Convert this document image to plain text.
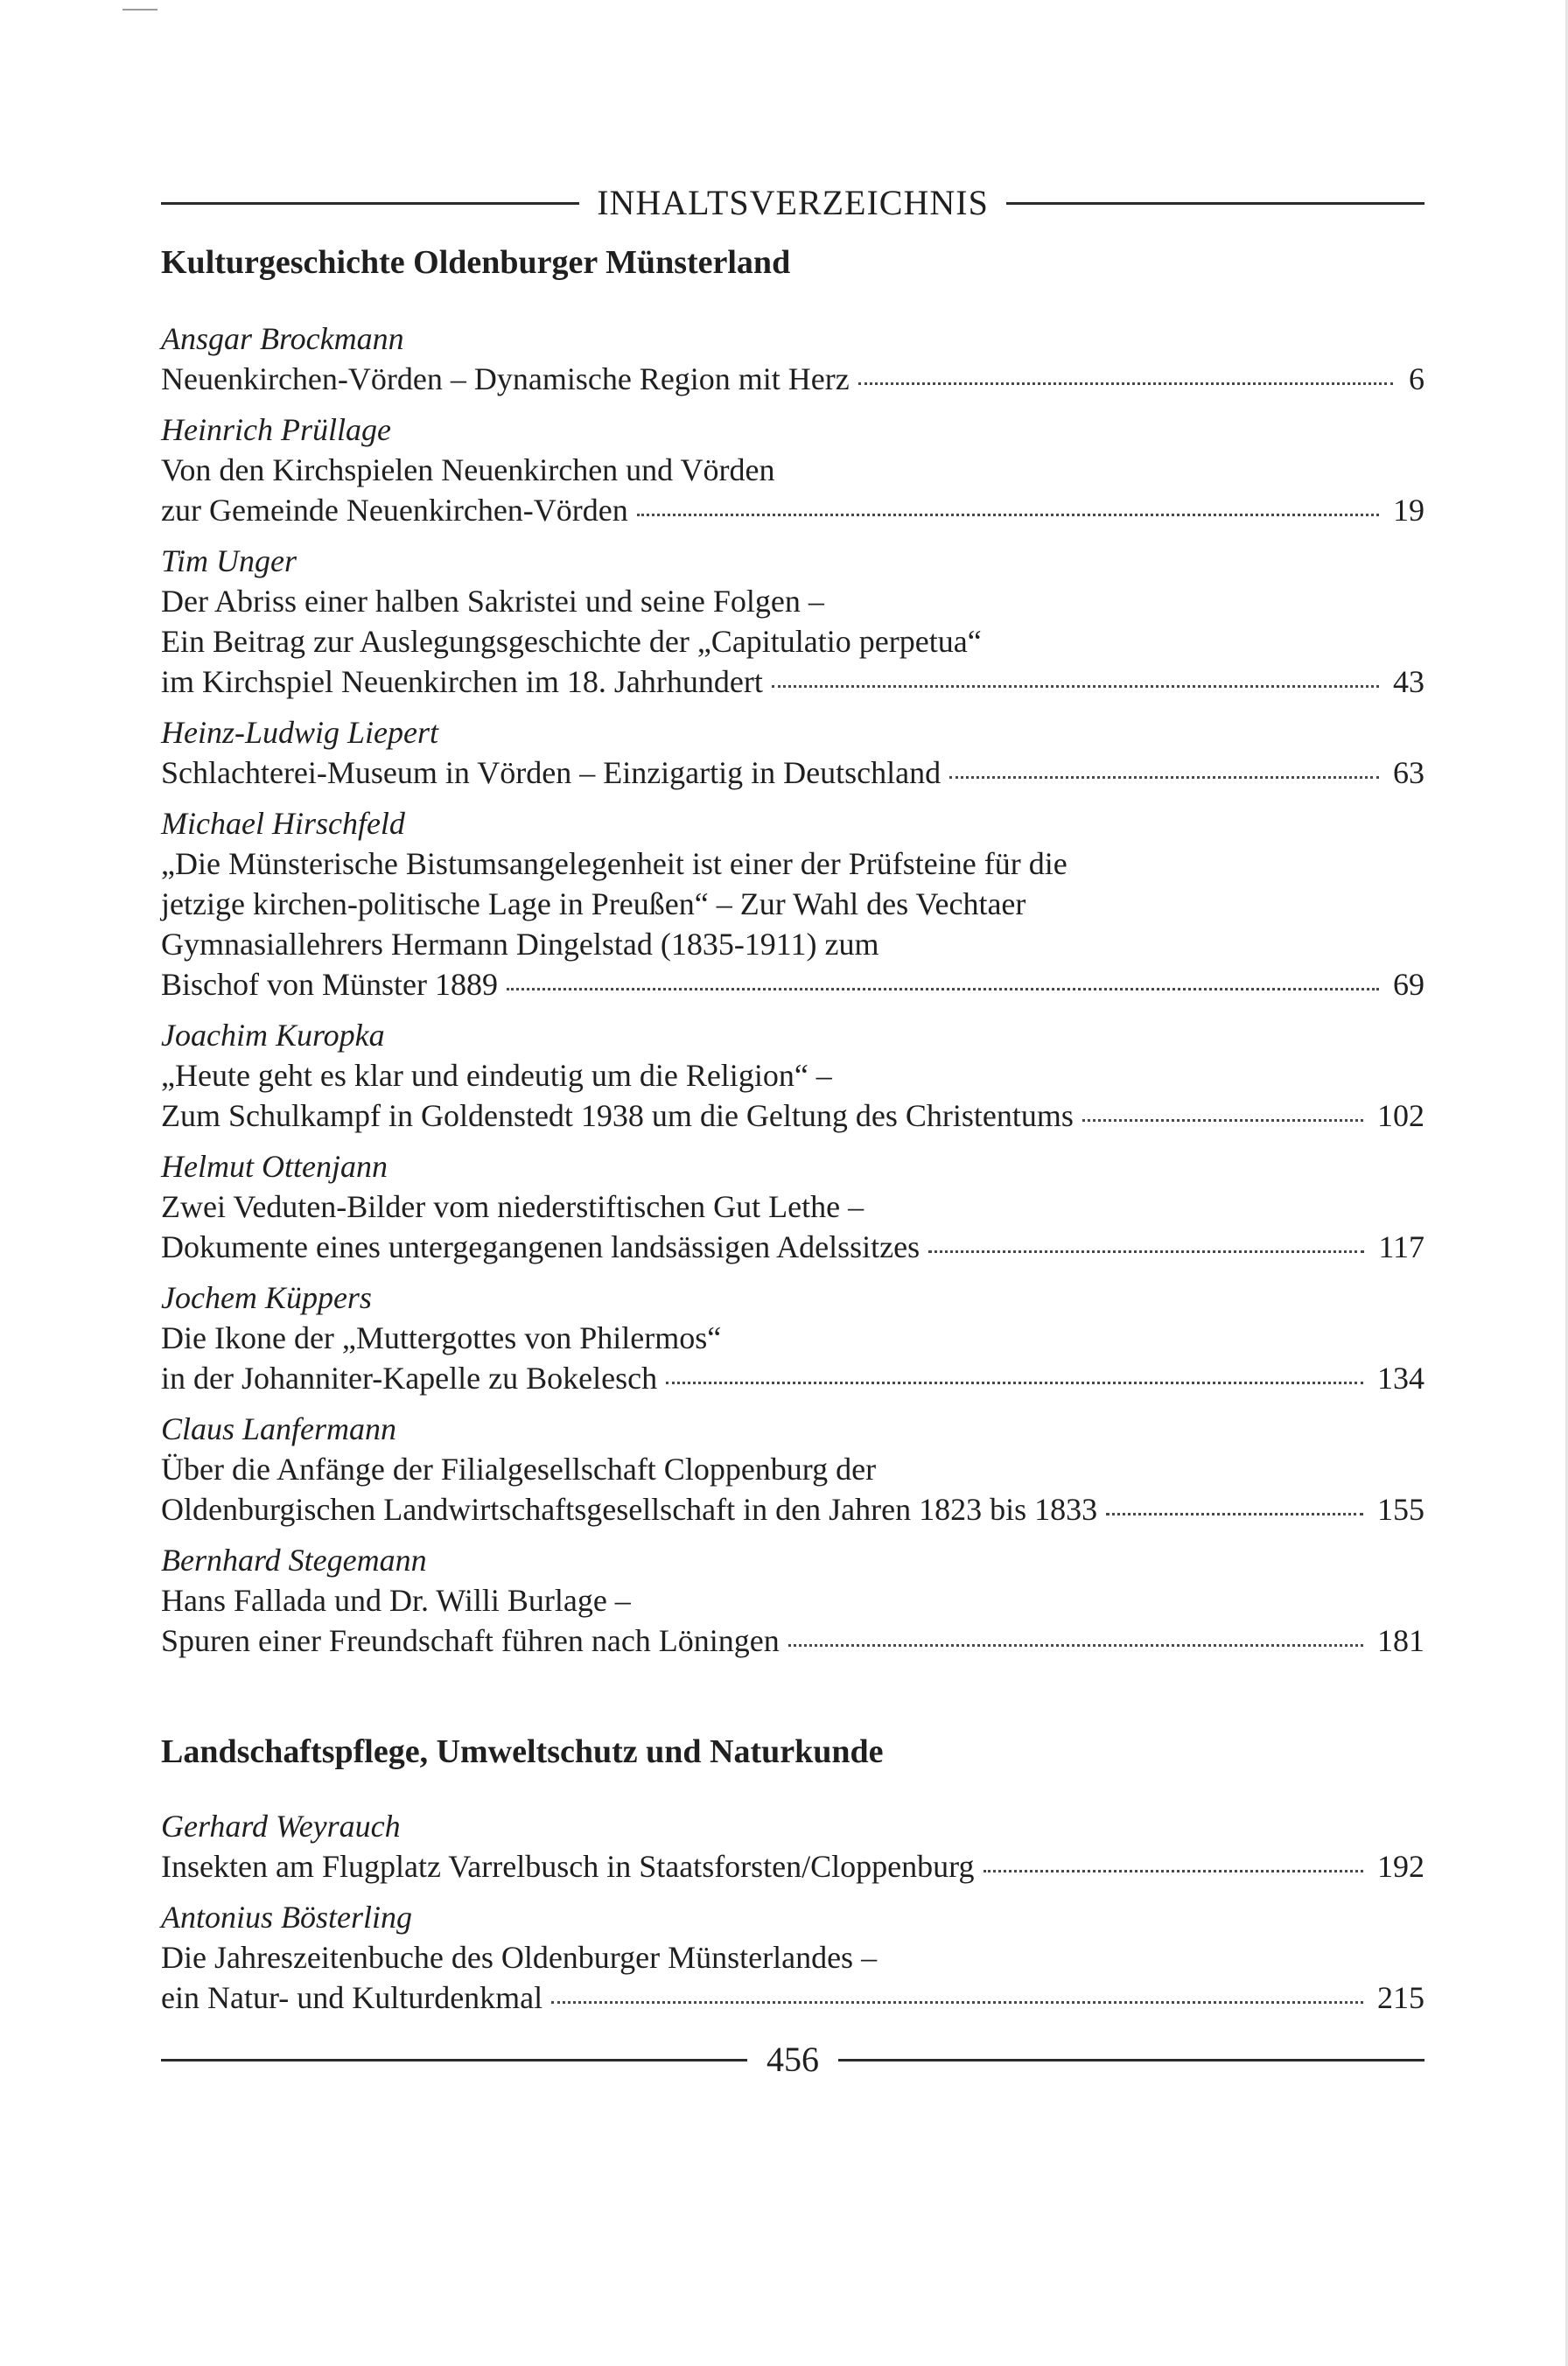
INHALTSVERZEICHNIS
Kulturgeschichte Oldenburger Münsterland
Ansgar Brockmann
Neuenkirchen-Vörden – Dynamische Region mit Herz	6
Heinrich Prüllage
Von den Kirchspielen Neuenkirchen und Vörden
zur Gemeinde Neuenkirchen-Vörden	19
Tim Unger
Der Abriss einer halben Sakristei und seine Folgen –
Ein Beitrag zur Auslegungsgeschichte der „Capitulatio perpetua“
im Kirchspiel Neuenkirchen im 18. Jahrhundert	43
Heinz-Ludwig Liepert
Schlachterei-Museum in Vörden – Einzigartig in Deutschland	63
Michael Hirschfeld
„Die Münsterische Bistumsangelegenheit ist einer der Prüfsteine für die
jetzige kirchen-politische Lage in Preußen“ – Zur Wahl des Vechtaer
Gymnasiallehrers Hermann Dingelstad (1835-1911) zum
Bischof von Münster 1889	69
Joachim Kuropka
„Heute geht es klar und eindeutig um die Religion“ –
Zum Schulkampf in Goldenstedt 1938 um die Geltung des Christentums	102
Helmut Ottenjann
Zwei Veduten-Bilder vom niederstiftischen Gut Lethe –
Dokumente eines untergegangenen landsässigen Adelssitzes	117
Jochem Küppers
Die Ikone der „Muttergottes von Philermos“
in der Johanniter-Kapelle zu Bokelesch	134
Claus Lanfermann
Über die Anfänge der Filialgesellschaft Cloppenburg der
Oldenburgischen Landwirtschaftsgesellschaft in den Jahren 1823 bis 1833	155
Bernhard Stegemann
Hans Fallada und Dr. Willi Burlage –
Spuren einer Freundschaft führen nach Löningen	181
Landschaftspflege, Umweltschutz und Naturkunde
Gerhard Weyrauch
Insekten am Flugplatz Varrelbusch in Staatsforsten/Cloppenburg	192
Antonius Bösterling
Die Jahreszeitenbuche des Oldenburger Münsterlandes –
ein Natur- und Kulturdenkmal	215
456
